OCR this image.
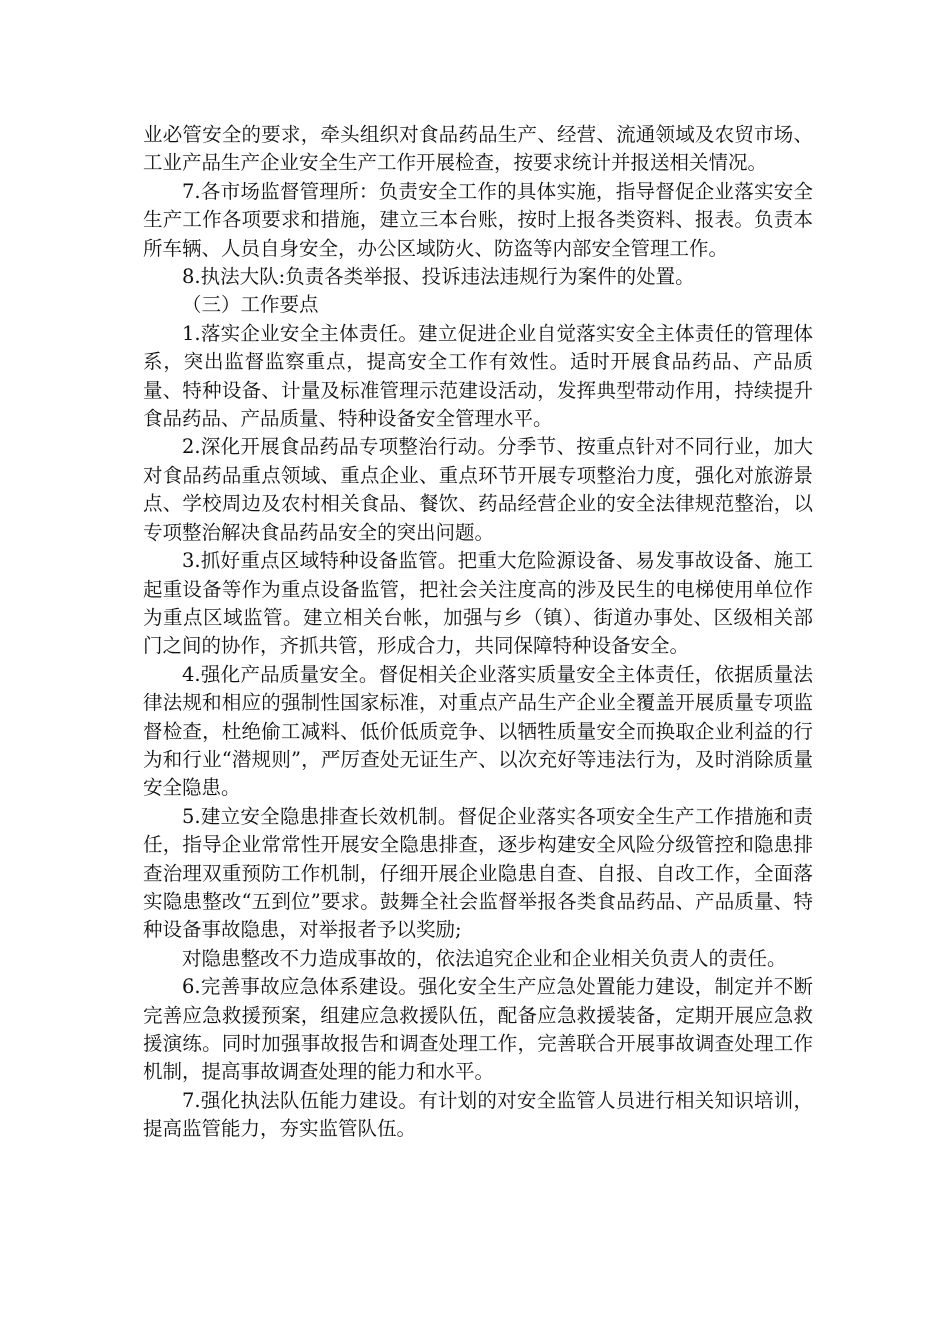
业必管安全的要求，牵头组织对食品药品生产、经营、流通领域及农贸市场、工业产品生产企业安全生产工作开展检查，按要求统计并报送相关情况。

7.各市场监督管理所：负责安全工作的具体实施，指导督促企业落实安全生产工作各项要求和措施，建立三本台账，按时上报各类资料、报表。负责本所车辆、人员自身安全，办公区域防火、防盗等内部安全管理工作。

8.执法大队:负责各类举报、投诉违法违规行为案件的处置。

（三）工作要点

1.落实企业安全主体责任。建立促进企业自觉落实安全主体责任的管理体系，突出监督监察重点，提高安全工作有效性。适时开展食品药品、产品质量、特种设备、计量及标准管理示范建设活动，发挥典型带动作用，持续提升食品药品、产品质量、特种设备安全管理水平。

2.深化开展食品药品专项整治行动。分季节、按重点针对不同行业，加大对食品药品重点领域、重点企业、重点环节开展专项整治力度，强化对旅游景点、学校周边及农村相关食品、餐饮、药品经营企业的安全法律规范整治，以专项整治解决食品药品安全的突出问题。

3.抓好重点区域特种设备监管。把重大危险源设备、易发事故设备、施工起重设备等作为重点设备监管，把社会关注度高的涉及民生的电梯使用单位作为重点区域监管。建立相关台帐，加强与乡（镇）、街道办事处、区级相关部门之间的协作，齐抓共管，形成合力，共同保障特种设备安全。

4.强化产品质量安全。督促相关企业落实质量安全主体责任，依据质量法律法规和相应的强制性国家标准，对重点产品生产企业全覆盖开展质量专项监督检查，杜绝偷工减料、低价低质竞争、以牺牲质量安全而换取企业利益的行为和行业“潜规则”，严厉查处无证生产、以次充好等违法行为，及时消除质量安全隐患。

5.建立安全隐患排查长效机制。督促企业落实各项安全生产工作措施和责任，指导企业常常性开展安全隐患排查，逐步构建安全风险分级管控和隐患排查治理双重预防工作机制，仔细开展企业隐患自查、自报、自改工作，全面落实隐患整改“五到位”要求。鼓舞全社会监督举报各类食品药品、产品质量、特种设备事故隐患，对举报者予以奖励;

对隐患整改不力造成事故的，依法追究企业和企业相关负责人的责任。

6.完善事故应急体系建设。强化安全生产应急处置能力建设，制定并不断完善应急救援预案，组建应急救援队伍，配备应急救援装备，定期开展应急救援演练。同时加强事故报告和调查处理工作，完善联合开展事故调查处理工作机制，提高事故调查处理的能力和水平。

7.强化执法队伍能力建设。有计划的对安全监管人员进行相关知识培训，提高监管能力，夯实监管队伍。
